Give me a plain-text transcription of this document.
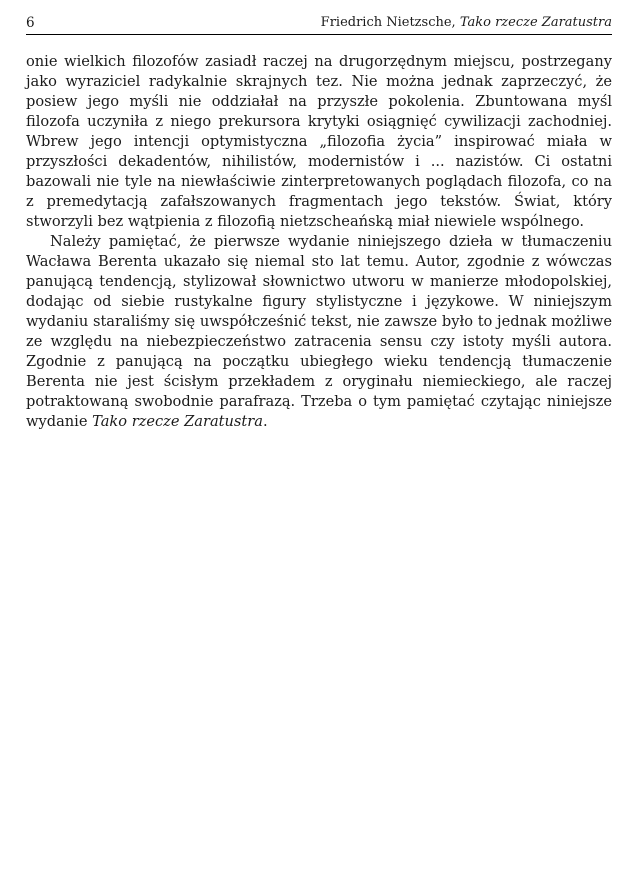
6	Friedrich Nietzsche, Tako rzecze Zaratustra

onie wielkich filozofów zasiadł raczej na drugorzędnym miejscu, postrzegany jako wyraziciel radykalnie skrajnych tez. Nie można jednak zaprzeczyć, że posiew jego myśli nie oddziałał na przyszłe pokolenia. Zbuntowana myśl filozofa uczyniła z niego prekursora krytyki osiągnięć cywilizacji zachodniej. Wbrew jego intencji optymistyczna „filozofia życia” inspirować miała w przyszłości dekadentów, nihilistów, modernistów i ... nazistów. Ci ostatni bazowali nie tyle na niewłaściwie zinterpretowanych poglądach filozofa, co na z premedytacją zafałszowanych fragmentach jego tekstów. Świat, który stworzyli bez wątpienia z filozofią nietzscheańską miał niewiele wspólnego.

Należy pamiętać, że pierwsze wydanie niniejszego dzieła w tłumaczeniu Wacława Berenta ukazało się niemal sto lat temu. Autor, zgodnie z wówczas panującą tendencją, stylizował słownictwo utworu w manierze młodopolskiej, dodając od siebie rustykalne figury stylistyczne i językowe. W niniejszym wydaniu staraliśmy się uwspółcześnić tekst, nie zawsze było to jednak możliwe ze względu na niebezpieczeństwo zatracenia sensu czy istoty myśli autora. Zgodnie z panującą na początku ubiegłego wieku tendencją tłumaczenie Berenta nie jest ścisłym przekładem z oryginału niemieckiego, ale raczej potraktowaną swobodnie parafrazą. Trzeba o tym pamiętać czytając niniejsze wydanie Tako rzecze Zaratustra.
